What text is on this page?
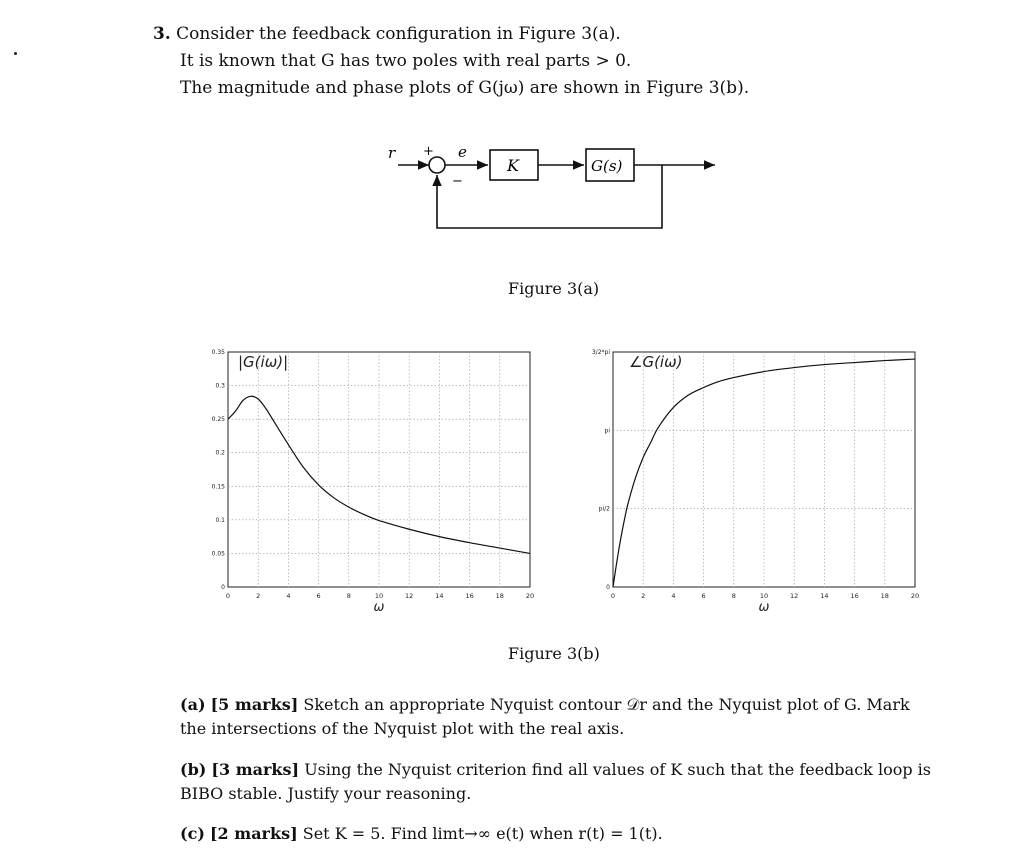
3. Consider the feedback configuration in Figure 3(a).
It is known that G has two poles with real parts > 0.
The magnitude and phase plots of G(jω) are shown in Figure 3(b).
r +
−
e
K	G(s)
Figure 3(a)
0	2	4	6	8	10	12	14	16	18	20
0
0.05
0.1
0.15
0.2
0.25
0.3
0.35
ω
|G(iω)|
0	2	4	6	8	10	12	14	16	18	20
0
pi/2
pi
3/2*pi
ω
∠G(iω)
Figure 3(b)
(a) [5 marks] Sketch an appropriate Nyquist contour 𝒟r and the Nyquist plot of G. Mark the intersections of the Nyquist plot with the real axis.
(b) [3 marks] Using the Nyquist criterion find all values of K such that the feedback loop is BIBO stable. Justify your reasoning.
(c) [2 marks] Set K = 5. Find limt→∞ e(t) when r(t) = 1(t).
